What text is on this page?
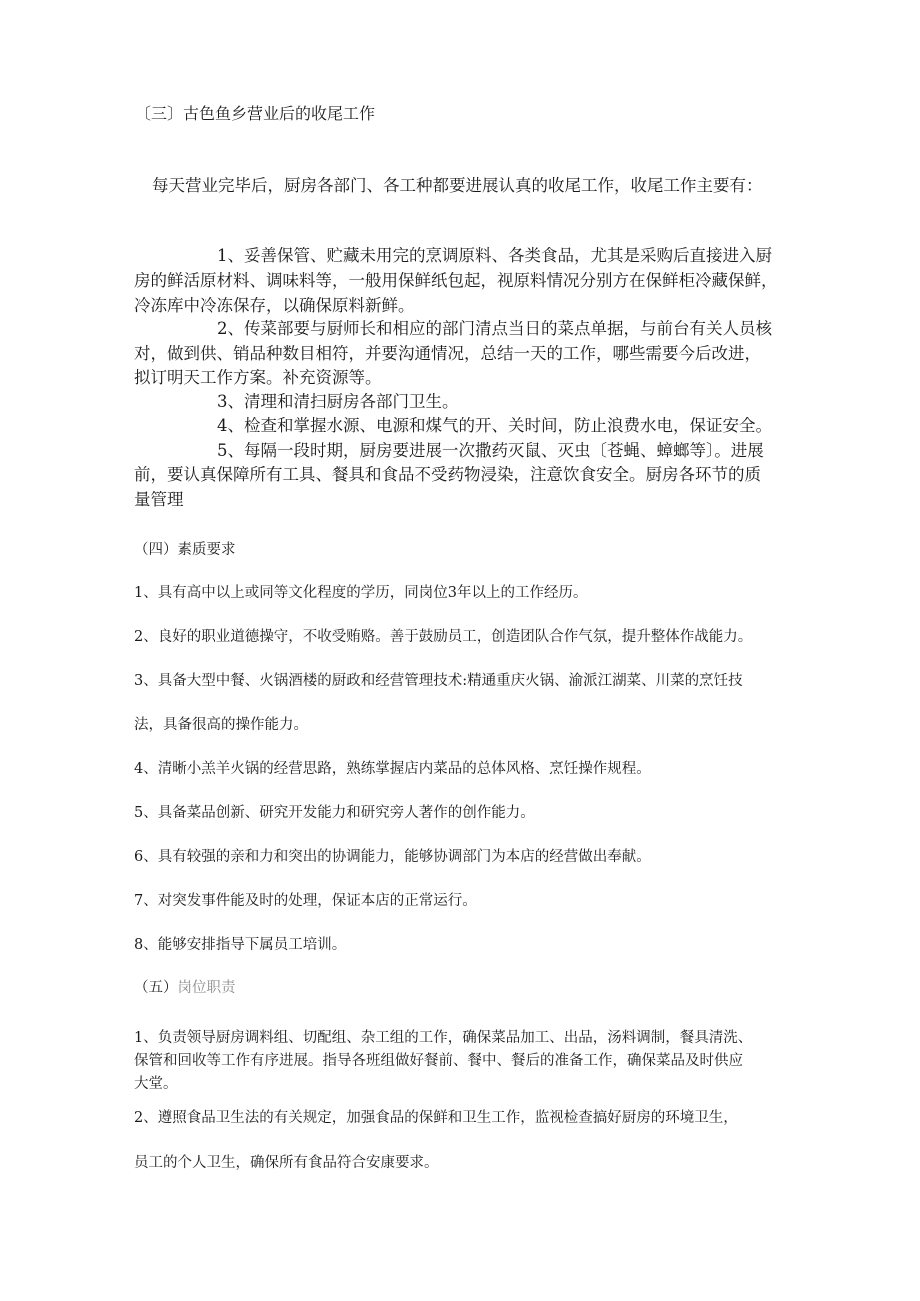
〔三〕古色鱼乡营业后的收尾工作

每天营业完毕后，厨房各部门、各工种都要进展认真的收尾工作，收尾工作主要有：

1、妥善保管、贮藏未用完的烹调原料、各类食品，尤其是采购后直接进入厨

房的鲜活原材料、调味料等，一般用保鲜纸包起，视原料情况分别方在保鲜柜冷藏保鲜，

冷冻库中冷冻保存，以确保原料新鲜。

2、传菜部要与厨师长和相应的部门清点当日的菜点单据，与前台有关人员核

对，做到供、销品种数目相符，并要沟通情况，总结一天的工作，哪些需要今后改进，

拟订明天工作方案。补充资源等。

3、清理和清扫厨房各部门卫生。

4、检查和掌握水源、电源和煤气的开、关时间，防止浪费水电，保证安全。

5、每隔一段时期，厨房要进展一次撒药灭鼠、灭虫〔苍蝇、蟑螂等〕。进展

前，要认真保障所有工具、餐具和食品不受药物浸染，注意饮食安全。厨房各环节的质

量管理

（四）素质要求

1、具有高中以上或同等文化程度的学历，同岗位3年以上的工作经历。

2、良好的职业道德操守，不收受贿赂。善于鼓励员工，创造团队合作气氛，提升整体作战能力。

3、具备大型中餐、火锅酒楼的厨政和经营管理技术:精通重庆火锅、渝派江湖菜、川菜的烹饪技

法，具备很高的操作能力。

4、清晰小羔羊火锅的经营思路，熟练掌握店内菜品的总体风格、烹饪操作规程。

5、具备菜品创新、研究开发能力和研究旁人著作的创作能力。

6、具有较强的亲和力和突出的协调能力，能够协调部门为本店的经营做出奉献。

7、对突发事件能及时的处理，保证本店的正常运行。

8、能够安排指导下属员工培训。

（五）岗位职责

1、负责领导厨房调料组、切配组、杂工组的工作，确保菜品加工、出品，汤料调制，餐具清洗、

保管和回收等工作有序进展。指导各班组做好餐前、餐中、餐后的准备工作，确保菜品及时供应

大堂。

2、遵照食品卫生法的有关规定，加强食品的保鲜和卫生工作，监视检查搞好厨房的环境卫生，

员工的个人卫生，确保所有食品符合安康要求。
